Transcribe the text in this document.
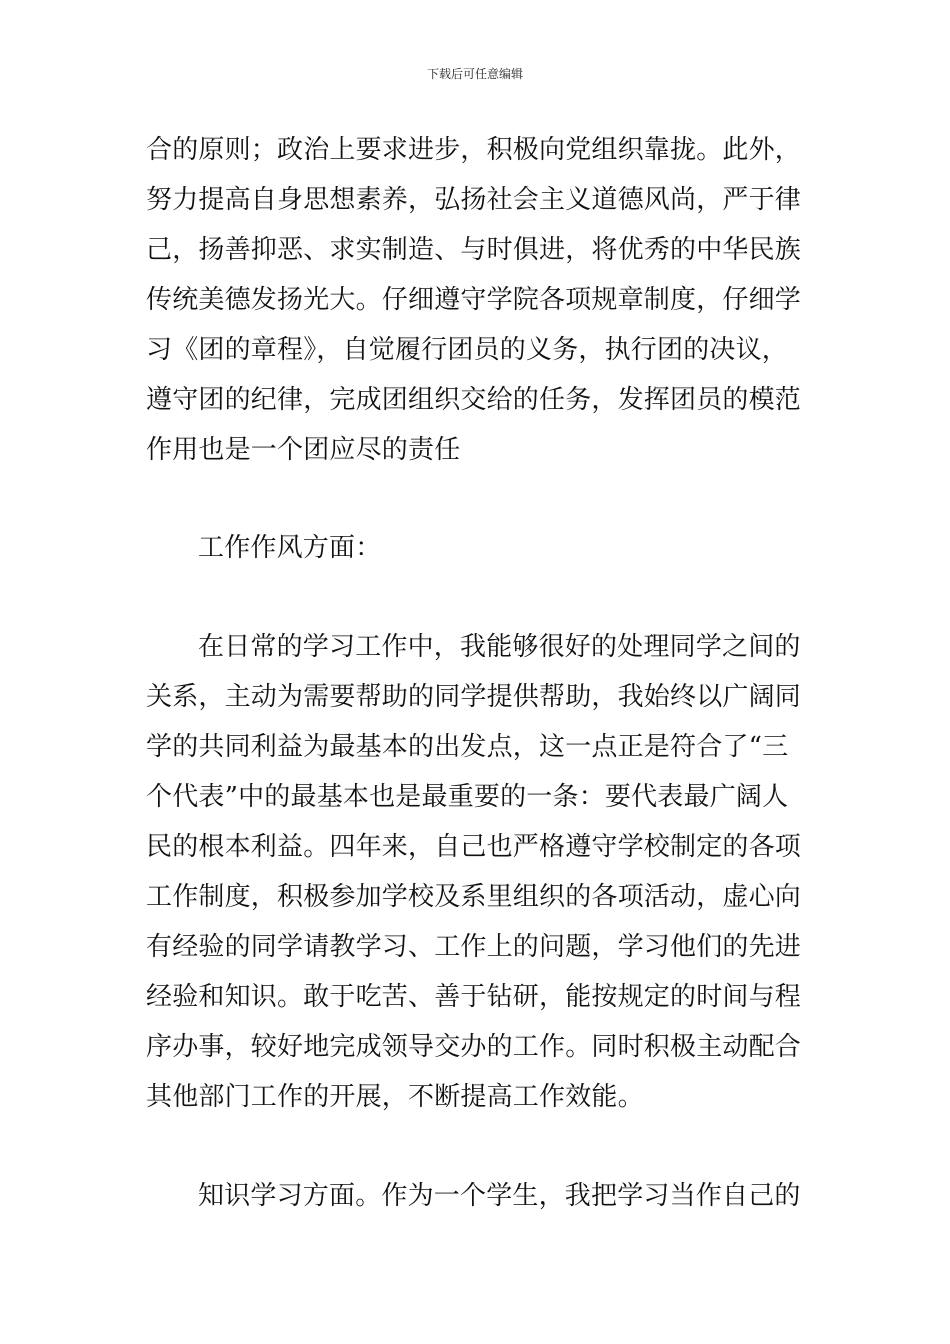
下载后可任意编辑
合的原则；政治上要求进步，积极向党组织靠拢。此外，
努力提高自身思想素养，弘扬社会主义道德风尚，严于律
己，扬善抑恶、求实制造、与时俱进，将优秀的中华民族
传统美德发扬光大。仔细遵守学院各项规章制度，仔细学
习《团的章程》，自觉履行团员的义务，执行团的决议，
遵守团的纪律，完成团组织交给的任务，发挥团员的模范
作用也是一个团应尽的责任
工作作风方面：
在日常的学习工作中，我能够很好的处理同学之间的
关系，主动为需要帮助的同学提供帮助，我始终以广阔同
学的共同利益为最基本的出发点，这一点正是符合了“三
个代表”中的最基本也是最重要的一条：要代表最广阔人
民的根本利益。四年来，自己也严格遵守学校制定的各项
工作制度，积极参加学校及系里组织的各项活动，虚心向
有经验的同学请教学习、工作上的问题，学习他们的先进
经验和知识。敢于吃苦、善于钻研，能按规定的时间与程
序办事，较好地完成领导交办的工作。同时积极主动配合
其他部门工作的开展，不断提高工作效能。
知识学习方面。作为一个学生，我把学习当作自己的
